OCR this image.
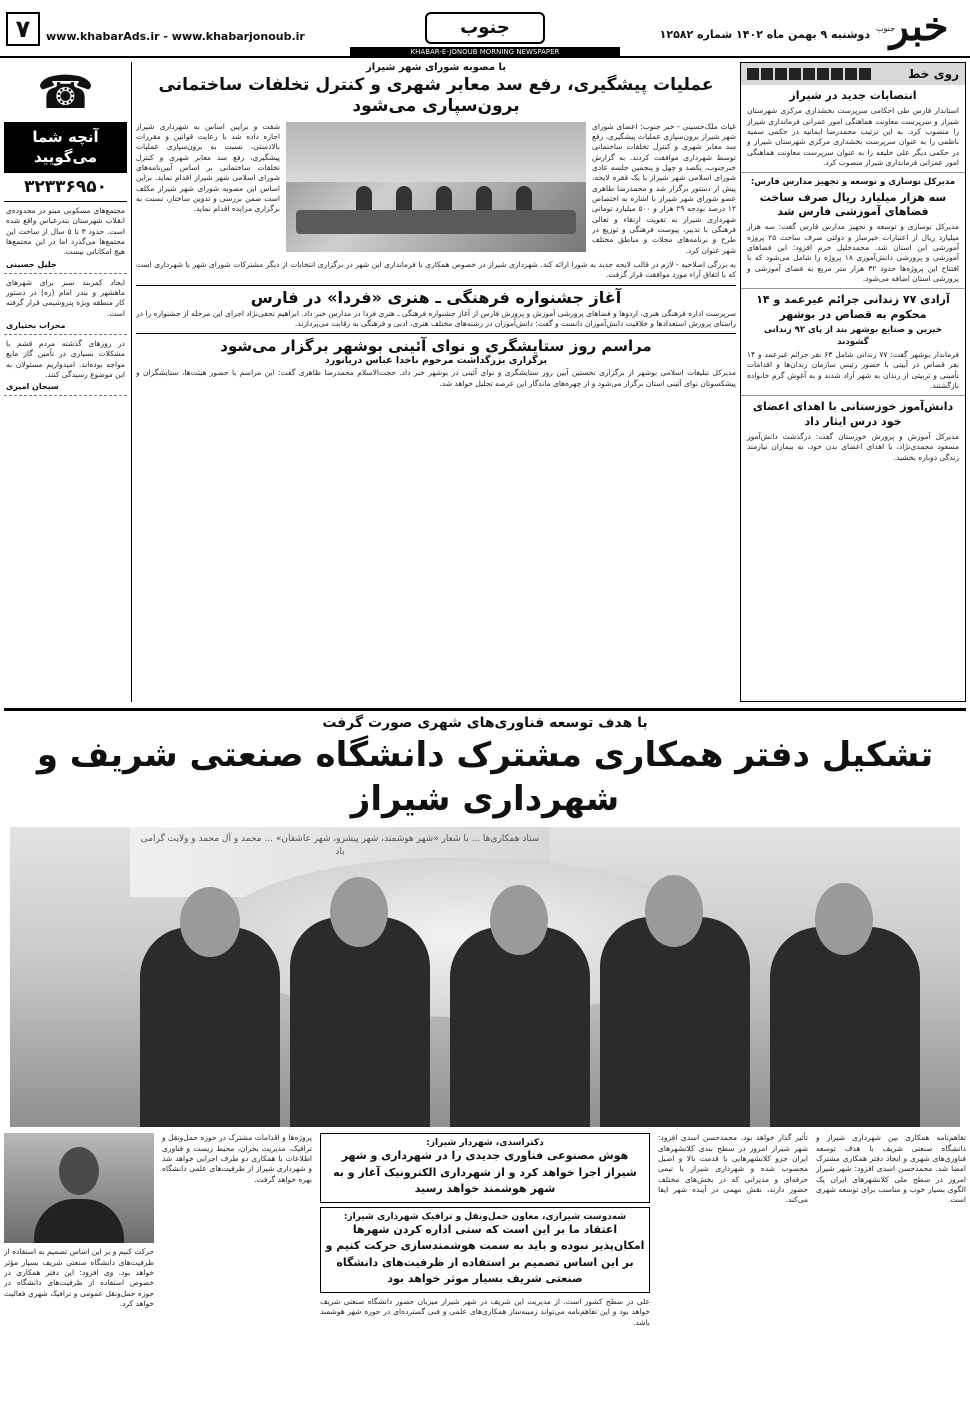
خبر
جنوب
دوشنبه ۹ بهمن ماه ۱۴۰۲ شماره ۱۲۵۸۲
جنوب
KHABAR-E-JONOUB MORNING NEWSPAPER
www.khabarAds.ir - www.khabarjonoub.ir
۷
روی خط
انتصابات جدید در شیراز
استاندار فارس طی احکامی سرپرست بخشداری مرکزی شهرستان شیراز و سرپرست معاونت هماهنگی امور عمرانی فرمانداری شیراز را منصوب کرد. به این ترتیب محمدرضا ایمانیه در حکمی سمیه ناظمی را به عنوان سرپرست بخشداری مرکزی شهرستان شیراز و در حکمی دیگر علی خلیفه را به عنوان سرپرست معاونت هماهنگی امور عمرانی فرمانداری شیراز منصوب کرد.
مدیرکل نوسازی و توسعه و تجهیز مدارس فارس:
سه هزار میلیارد ریال صرف ساخت فضاهای آموزشی فارس شد
مدیرکل نوسازی و توسعه و تجهیز مدارس فارس گفت: سه هزار میلیارد ریال از اعتبارات خیرساز و دولتی صرف ساخت ۲۵ پروژه آموزشی این استان شد. محمدخلیل خرم افزود: این فضاهای آموزشی و پرورشی دانش‌آموزی ۱۸ پروژه را شامل می‌شود که با افتتاح این پروژه‌ها حدود ۳۲ هزار متر مربع به فضای آموزشی و پرورشی استان اضافه می‌شود.
آزادی ۷۷ زندانی جرائم غیرعمد و ۱۴ محکوم به قصاص در بوشهر
خیرین و صنایع بوشهر بند از پای ۹۲ زندانی گشودند
فرماندار بوشهر گفت: ۷۷ زندانی شامل ۶۳ نفر جرائم غیرعمد و ۱۴ نفر قصاص در آیینی با حضور رئیس سازمان زندان‌ها و اقدامات تأمینی و تربیتی از زندان به شهر آزاد شدند و به آغوش گرم خانواده بازگشتند.
دانش‌آموز خوزستانی با اهدای اعضای خود درس ایثار داد
مدیرکل آموزش و پرورش خوزستان گفت: درگذشت دانش‌آموز مسعود محمدی‌نژاد، با اهدای اعضای بدن خود، به بیماران نیازمند زندگی دوباره بخشید.
☎
آنچه شما
می‌گویید
۳۲۳۳۶۹۵۰
مجتمع‌های مسکونی مینو در محدوده‌ی انقلاب شهرستان بندرعباس واقع شده است. حدود ۳ تا ۵ سال از ساخت این مجتمع‌ها می‌گذرد اما در این مجتمع‌ها هیچ امکاناتی نیست.
جلیل حسینی
ایجاد کمربند سبز برای شهرهای ماهشهر و بندر امام (ره) در دستور کار منطقه ویژه پتروشیمی قرار گرفته است.
محراب بختیاری
در روزهای گذشته مردم قشم با مشکلات بسیاری در تأمین گاز مایع مواجه بوده‌اند. امیدواریم مسئولان به این موضوع رسیدگی کنند.
سبحان امیری
با مصوبه شورای شهر شیراز
عملیات پیشگیری، رفع سد معابر شهری و کنترل تخلفات ساختمانی برون‌سپاری می‌شود
غیاث ملک‌حسینی - خبر جنوب: اعضای شورای شهر شیراز برون‌سپاری عملیات پیشگیری، رفع سد معابر شهری و کنترل تخلفات ساختمانی توسط شهرداری موافقت کردند. به گزارش خبرجنوب، یکصد و چهل و پنجمین جلسه عادی شورای اسلامی شهر شیراز با یک فقره لایحه، پیش از دستور برگزار شد و محمدرضا طاهری عضو شورای شهر شیراز با اشاره به اختصاص ۱۲ درصد بودجه ۲۹ هزار و ۵۰۰ میلیارد تومانی شهرداری شیراز به تقویت ارتقاء و تعالی فرهنگی با تدبیر، پیوست فرهنگی و توزیع در طرح و برنامه‌های محلات و مناطق مختلف شهر عنوان کرد.
شفت و برایین اساس به شهرداری شیراز اجازه داده شد با رعایت قوانین و مقررات بالادستی، نسبت به برون‌سپاری عملیات پیشگیری، رفع سد معابر شهری و کنترل تخلفات ساختمانی بر اساس آیین‌نامه‌های شورای اسلامی شهر شیراز اقدام نماید. براین اساس این مصوبه شورای شهر شیراز مکلف است ضمن بررسی و تدوین ساختار، نسبت به برگزاری مزایده اقدام نماید.
به بزرگی اصلاحیه - لازم در قالب لایحه جدید به شورا ارائه کند. شهرداری شیراز در خصوص همکاری با فرمانداری این شهر در برگزاری انتخابات از دیگر مشترکات شورای شهر با شهرداری است که با اتفاق آراء مورد موافقت قرار گرفت.
آغاز جشنواره فرهنگی ـ هنری «فردا» در فارس
سرپرست اداره فرهنگی هنری، اردوها و فضاهای پرورشی آموزش و پرورش فارس از آغاز جشنواره فرهنگی ـ هنری فردا در مدارس خبر داد. ابراهیم نجفی‌نژاد اجرای این مرحله از جشنواره را در راستای پرورش استعدادها و خلاقیت دانش‌آموزان دانست و گفت: دانش‌آموزان در رشته‌های مختلف هنری، ادبی و فرهنگی به رقابت می‌پردازند.
مراسم روز ستایشگری و نوای آئینی بوشهر برگزار می‌شود
برگزاری بزرگداشت مرحوم ناخدا عباس دریانورد
مدیرکل تبلیغات اسلامی بوشهر از برگزاری نخستین آیین روز ستایشگری و نوای آئینی در بوشهر خبر داد. حجت‌الاسلام محمدرضا ظاهری گفت: این مراسم با حضور هیئت‌ها، ستایشگران و پیشکسوتان نوای آئینی استان برگزار می‌شود و از چهره‌های ماندگار این عرصه تجلیل خواهد شد.
با هدف توسعه فناوری‌های شهری صورت گرفت
تشکیل دفتر همکاری مشترک دانشگاه صنعتی شریف و شهرداری شیراز
ستاد همکاری‌ها ... با شعار «شهر هوشمند، شهر پیشرو، شهر عاشقان» ... محمد و آل محمد و ولایت گرامی باد
تفاهم‌نامه همکاری بین شهرداری شیراز و دانشگاه صنعتی شریف با هدف توسعه فناوری‌های شهری و ایجاد دفتر همکاری مشترک امضا شد. محمدحسن اسدی افزود: شهر شیراز امروز در سطح ملی کلانشهرهای ایران یک الگوی بسیار خوب و مناسب برای توسعه شهری است.
تأثیر گذار خواهد بود. محمدحسن اسدی افزود: شهر شیراز امروز در سطح بندی کلانشهرهای ایران جزو کلانشهرهایی با قدمت بالا و اصیل محسوب شده و شهرداری شیراز با تیمی حرفه‌ای و مدیرانی که در بخش‌های مختلف حضور دارند، نقش مهمی در آینده شهر ایفا می‌کند.
دکتراسدی، شهردار شیراز:
هوش مصنوعی فناوری جدیدی را در شهرداری و شهر شیراز اجرا خواهد کرد و از شهرداری الکترونیک آغاز و به شهر هوشمند خواهد رسید
شه‌دوست شیرازی، معاون حمل‌ونقل و ترافیک شهرداری شیراز:
اعتقاد ما بر این است که ستی اداره کردن شهرها امکان‌پذیر نبوده و باید به سمت هوشمندسازی حرکت کنیم و بر این اساس تصمیم بر استفاده از ظرفیت‌های دانشگاه صنعتی شریف بسیار موثر خواهد بود
علی در سطح کشور است. از مدیریت این شریف در شهر شیراز میزبان حضور دانشگاه صنعتی شریف خواهد بود و این تفاهم‌نامه می‌تواند زمینه‌ساز همکاری‌های علمی و فنی گسترده‌ای در حوزه شهر هوشمند باشد.
پروژه‌ها و اقدامات مشترک در حوزه حمل‌ونقل و ترافیک، مدیریت بحران، محیط زیست و فناوری اطلاعات با همکاری دو طرف اجرایی خواهد شد و شهرداری شیراز از ظرفیت‌های علمی دانشگاه بهره خواهد گرفت.
حرکت کنیم و بر این اساس تصمیم به استفاده از ظرفیت‌های دانشگاه صنعتی شریف بسیار مؤثر خواهد بود. وی افزود: این دفتر همکاری در خصوص استفاده از ظرفیت‌های دانشگاه در حوزه حمل‌ونقل عمومی و ترافیک شهری فعالیت خواهد کرد.
